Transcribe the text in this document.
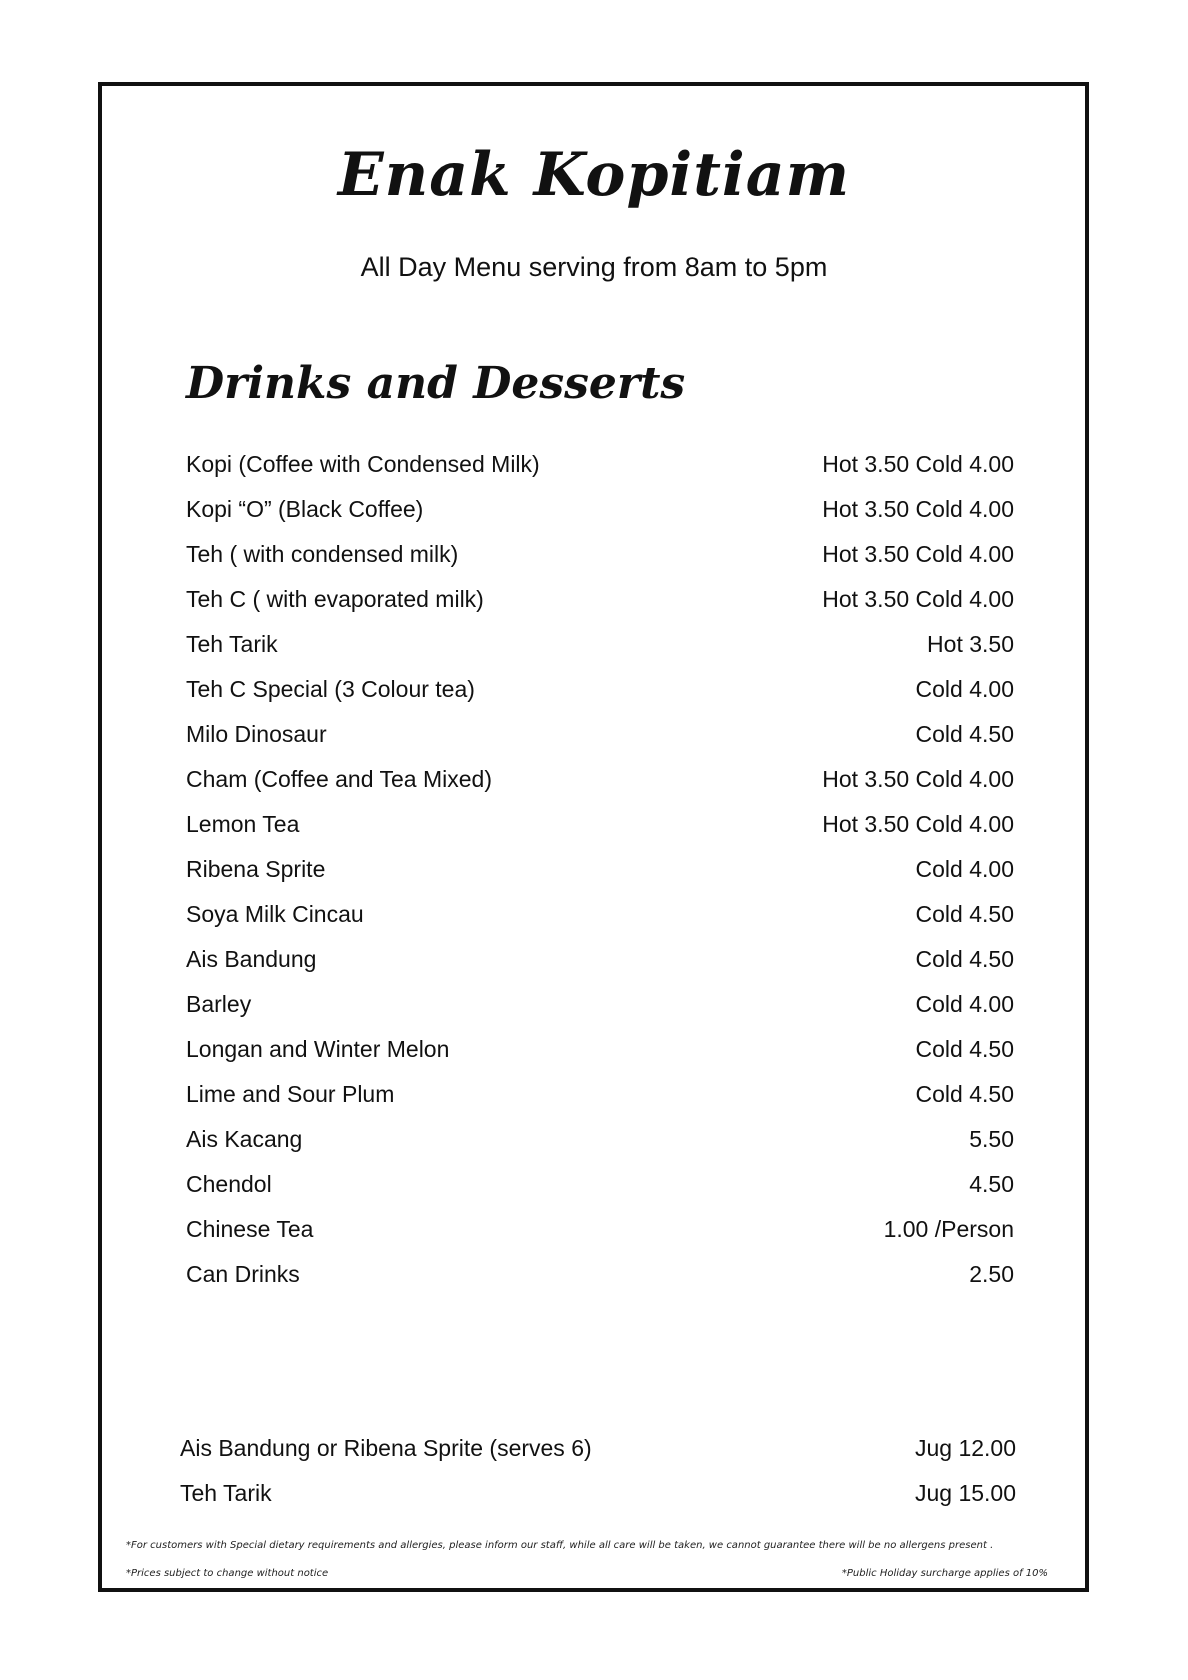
Enak Kopitiam
All Day Menu serving from 8am to 5pm
Drinks and Desserts
Kopi (Coffee with Condensed Milk)	Hot 3.50 Cold 4.00
Kopi “O” (Black Coffee)	Hot 3.50 Cold 4.00
Teh ( with condensed milk)	Hot 3.50 Cold 4.00
Teh C ( with evaporated milk)	Hot 3.50 Cold 4.00
Teh Tarik	Hot 3.50
Teh C Special (3 Colour tea)	Cold 4.00
Milo Dinosaur	Cold 4.50
Cham (Coffee and Tea Mixed)	Hot 3.50 Cold 4.00
Lemon Tea	Hot 3.50 Cold 4.00
Ribena Sprite	Cold 4.00
Soya Milk Cincau	Cold 4.50
Ais Bandung	Cold 4.50
Barley	Cold 4.00
Longan and Winter Melon	Cold 4.50
Lime and Sour Plum	Cold 4.50
Ais Kacang	5.50
Chendol	4.50
Chinese Tea	1.00 /Person
Can Drinks	2.50
Ais Bandung or Ribena Sprite (serves 6)	Jug 12.00
Teh Tarik	Jug 15.00
*For customers with Special dietary requirements and allergies, please inform our staff, while all care will be taken, we cannot guarantee there will be no allergens present .
*Prices subject to change without notice	*Public Holiday surcharge applies of 10%
